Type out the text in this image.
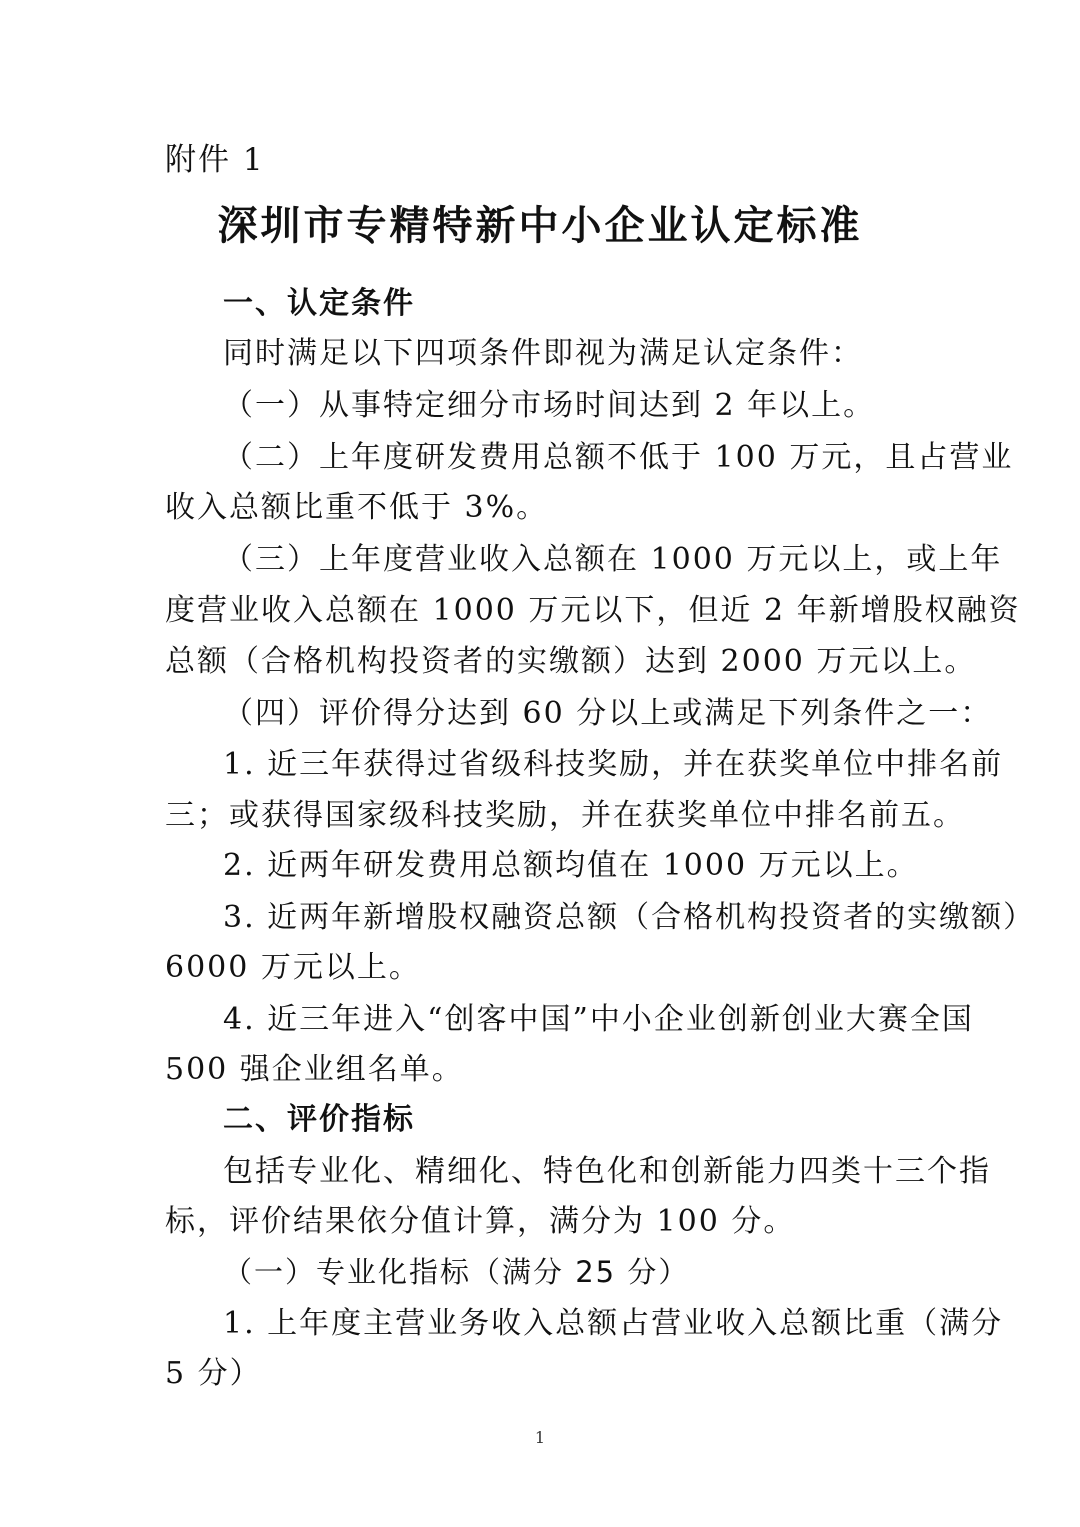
附件 1
深圳市专精特新中小企业认定标准
一、认定条件
同时满足以下四项条件即视为满足认定条件：
（一）从事特定细分市场时间达到 2 年以上。
（二）上年度研发费用总额不低于 100 万元，且占营业
收入总额比重不低于 3%。
（三）上年度营业收入总额在 1000 万元以上，或上年
度营业收入总额在 1000 万元以下，但近 2 年新增股权融资
总额（合格机构投资者的实缴额）达到 2000 万元以上。
（四）评价得分达到 60 分以上或满足下列条件之一：
1. 近三年获得过省级科技奖励，并在获奖单位中排名前
三；或获得国家级科技奖励，并在获奖单位中排名前五。
2. 近两年研发费用总额均值在 1000 万元以上。
3. 近两年新增股权融资总额（合格机构投资者的实缴额）
6000 万元以上。
4. 近三年进入“创客中国”中小企业创新创业大赛全国
500 强企业组名单。
二、评价指标
包括专业化、精细化、特色化和创新能力四类十三个指
标，评价结果依分值计算，满分为 100 分。
（一）专业化指标（满分 25 分）
1. 上年度主营业务收入总额占营业收入总额比重（满分
5 分）
1
